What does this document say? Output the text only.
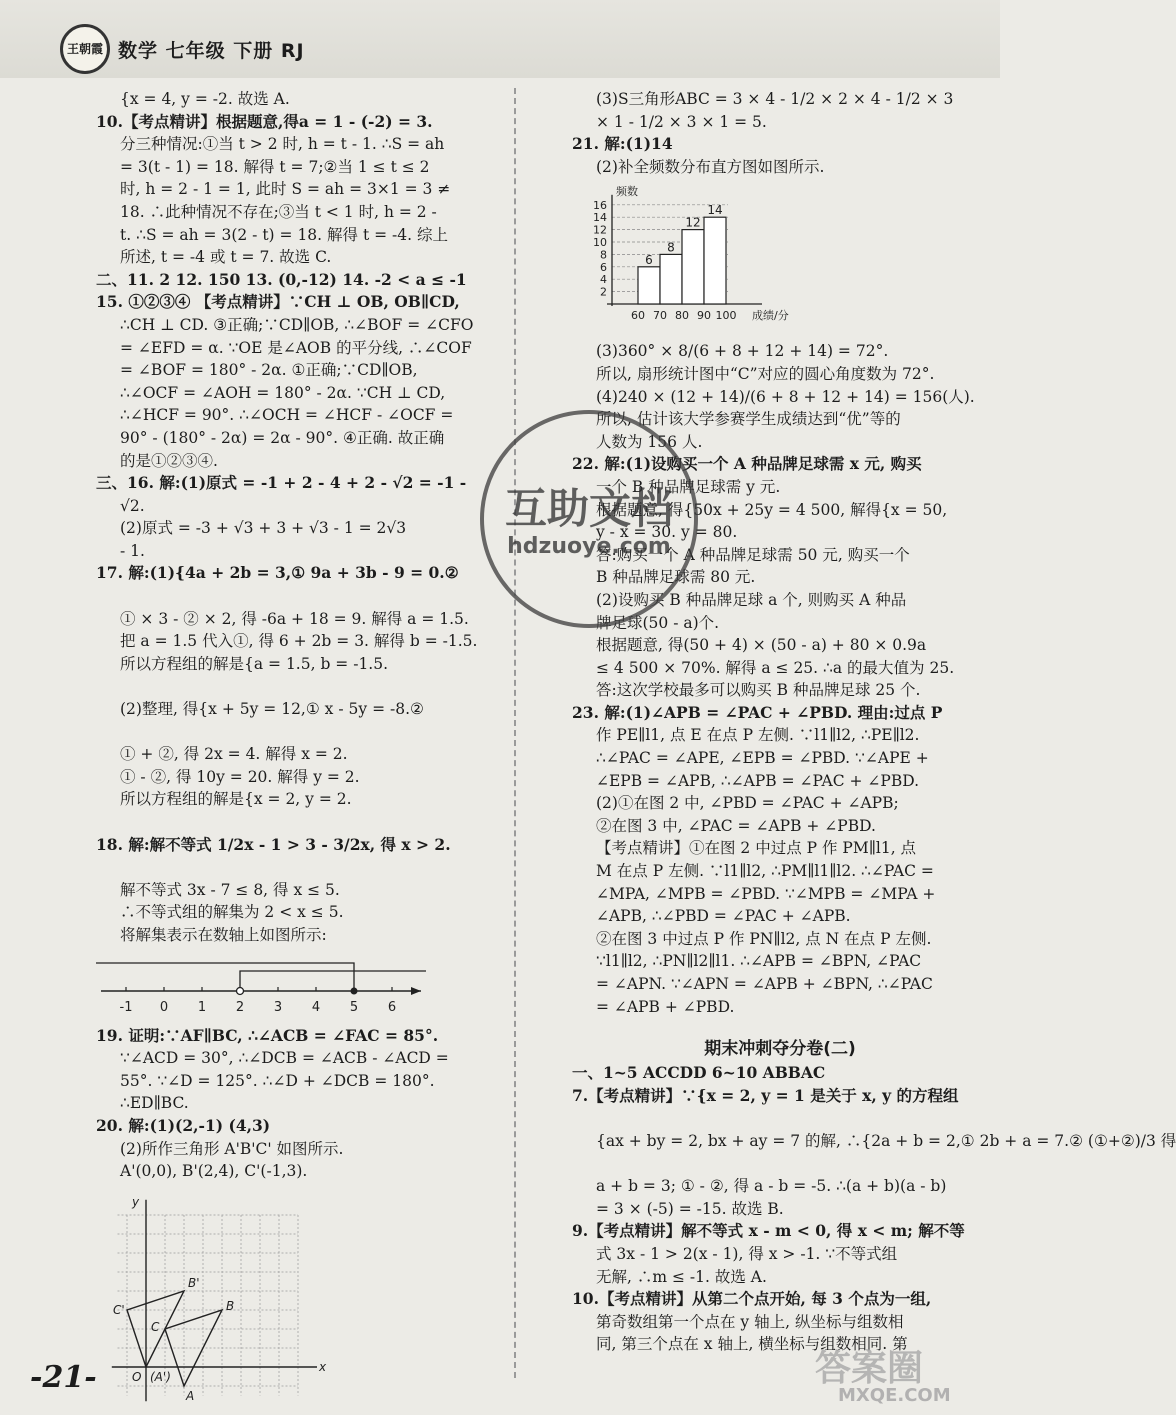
王朝霞 数学 七年级 下册 RJ
{x = 4, y = -2. 故选 A.
10.【考点精讲】根据题意,得a = 1 - (-2) = 3.
分三种情况:①当 t > 2 时, h = t - 1. ∴S = ah
= 3(t - 1) = 18. 解得 t = 7;②当 1 ≤ t ≤ 2
时, h = 2 - 1 = 1, 此时 S = ah = 3×1 = 3 ≠
18. ∴此种情况不存在;③当 t < 1 时, h = 2 -
t. ∴S = ah = 3(2 - t) = 18. 解得 t = -4. 综上
所述, t = -4 或 t = 7. 故选 C.
二、11. 2 12. 150 13. (0,-12) 14. -2 < a ≤ -1
15. ①②③④ 【考点精讲】∵CH ⊥ OB, OB∥CD,
∴CH ⊥ CD. ③正确;∵CD∥OB, ∴∠BOF = ∠CFO
= ∠EFD = α. ∵OE 是∠AOB 的平分线, ∴∠COF
= ∠BOF = 180° - 2α. ①正确;∵CD∥OB,
∴∠OCF = ∠AOH = 180° - 2α. ∵CH ⊥ CD,
∴∠HCF = 90°. ∴∠OCH = ∠HCF - ∠OCF =
90° - (180° - 2α) = 2α - 90°. ④正确. 故正确
的是①②③④.
三、16. 解:(1)原式 = -1 + 2 - 4 + 2 - √2 = -1 -
√2.
(2)原式 = -3 + √3 + 3 + √3 - 1 = 2√3
- 1.
17. 解:(1){4a + 2b = 3,① 9a + 3b - 9 = 0.②
① × 3 - ② × 2, 得 -6a + 18 = 9. 解得 a = 1.5.
把 a = 1.5 代入①, 得 6 + 2b = 3. 解得 b = -1.5.
所以方程组的解是{a = 1.5, b = -1.5.
(2)整理, 得{x + 5y = 12,① x - 5y = -8.②
① + ②, 得 2x = 4. 解得 x = 2.
① - ②, 得 10y = 20. 解得 y = 2.
所以方程组的解是{x = 2, y = 2.
18. 解:解不等式 1/2x - 1 > 3 - 3/2x, 得 x > 2.
解不等式 3x - 7 ≤ 8, 得 x ≤ 5.
∴不等式组的解集为 2 < x ≤ 5.
将解集表示在数轴上如图所示:
-1 0 1 2 3 4 5 6
19. 证明:∵AF∥BC, ∴∠ACB = ∠FAC = 85°.
∵∠ACD = 30°, ∴∠DCB = ∠ACB - ∠ACD =
55°. ∵∠D = 125°. ∴∠D + ∠DCB = 180°.
∴ED∥BC.
20. 解:(1)(2,-1) (4,3)
(2)所作三角形 A'B'C' 如图所示.
A'(0,0), B'(2,4), C'(-1,3).
x
y
O (A')
A
B
C
B'
C'
(3)S三角形ABC = 3 × 4 - 1/2 × 2 × 4 - 1/2 × 3
× 1 - 1/2 × 3 × 1 = 5.
21. 解:(1)14
(2)补全频数分布直方图如图所示.
2
4
6
8
10
12
14
16
频数
6
8
12
14
60 70 80 90 100 成绩/分
(3)360° × 8/(6 + 8 + 12 + 14) = 72°.
所以, 扇形统计图中“C”对应的圆心角度数为 72°.
(4)240 × (12 + 14)/(6 + 8 + 12 + 14) = 156(人).
所以, 估计该大学参赛学生成绩达到“优”等的
人数为 156 人.
22. 解:(1)设购买一个 A 种品牌足球需 x 元, 购买
一个 B 种品牌足球需 y 元.
根据题意, 得{50x + 25y = 4 500, 解得{x = 50,
y - x = 30. y = 80.
答:购买一个 A 种品牌足球需 50 元, 购买一个
B 种品牌足球需 80 元.
(2)设购买 B 种品牌足球 a 个, 则购买 A 种品
牌足球(50 - a)个.
根据题意, 得(50 + 4) × (50 - a) + 80 × 0.9a
≤ 4 500 × 70%. 解得 a ≤ 25. ∴a 的最大值为 25.
答:这次学校最多可以购买 B 种品牌足球 25 个.
23. 解:(1)∠APB = ∠PAC + ∠PBD. 理由:过点 P
作 PE∥l1, 点 E 在点 P 左侧. ∵l1∥l2, ∴PE∥l2.
∴∠PAC = ∠APE, ∠EPB = ∠PBD. ∵∠APE +
∠EPB = ∠APB, ∴∠APB = ∠PAC + ∠PBD.
(2)①在图 2 中, ∠PBD = ∠PAC + ∠APB;
②在图 3 中, ∠PAC = ∠APB + ∠PBD.
【考点精讲】①在图 2 中过点 P 作 PM∥l1, 点
M 在点 P 左侧. ∵l1∥l2, ∴PM∥l1∥l2. ∴∠PAC =
∠MPA, ∠MPB = ∠PBD. ∵∠MPB = ∠MPA +
∠APB, ∴∠PBD = ∠PAC + ∠APB.
②在图 3 中过点 P 作 PN∥l2, 点 N 在点 P 左侧.
∵l1∥l2, ∴PN∥l2∥l1. ∴∠APB = ∠BPN, ∠PAC
= ∠APN. ∵∠APN = ∠APB + ∠BPN, ∴∠PAC
= ∠APB + ∠PBD.
期末冲刺夺分卷(二)
一、1~5 ACCDD 6~10 ABBAC
7.【考点精讲】∵{x = 2, y = 1 是关于 x, y 的方程组
{ax + by = 2, bx + ay = 7 的解, ∴{2a + b = 2,① 2b + a = 7.② (①+②)/3 得
a + b = 3; ① - ②, 得 a - b = -5. ∴(a + b)(a - b)
= 3 × (-5) = -15. 故选 B.
9.【考点精讲】解不等式 x - m < 0, 得 x < m; 解不等
式 3x - 1 > 2(x - 1), 得 x > -1. ∵不等式组
无解, ∴m ≤ -1. 故选 A.
10.【考点精讲】从第二个点开始, 每 3 个点为一组,
第奇数组第一个点在 y 轴上, 纵坐标与组数相
同, 第三个点在 x 轴上, 横坐标与组数相同. 第
-21-
互助文档
hdzuoye.com
答案圈
MXQE.COM
